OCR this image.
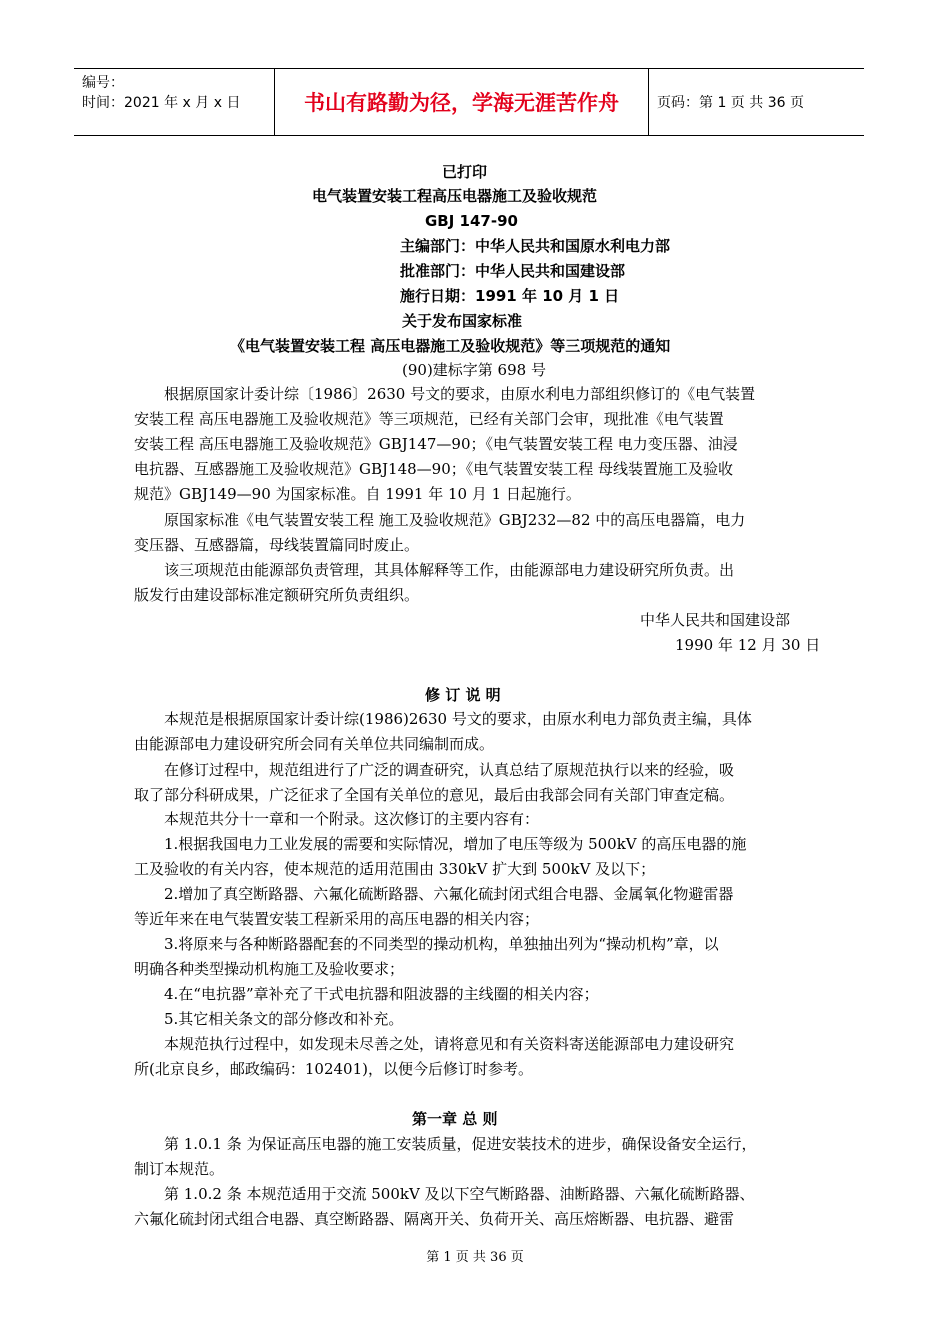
编号：
时间：2021 年 x 月 x 日	书山有路勤为径，学海无涯苦作舟	页码：第 1 页 共 36 页
已打印
电气装置安装工程高压电器施工及验收规范
GBJ 147-90
主编部门：中华人民共和国原水利电力部
批准部门：中华人民共和国建设部
施行日期：1991 年 10 月 1 日
关于发布国家标准
《电气装置安装工程 高压电器施工及验收规范》等三项规范的通知
(90)建标字第 698 号
根据原国家计委计综〔1986〕2630 号文的要求，由原水利电力部组织修订的《电气装置
安装工程 高压电器施工及验收规范》等三项规范，已经有关部门会审，现批准《电气装置
安装工程 高压电器施工及验收规范》GBJ147—90；《电气装置安装工程 电力变压器、油浸
电抗器、互感器施工及验收规范》GBJ148—90；《电气装置安装工程 母线装置施工及验收
规范》GBJ149—90 为国家标准。自 1991 年 10 月 1 日起施行。
原国家标准《电气装置安装工程 施工及验收规范》GBJ232—82 中的高压电器篇，电力
变压器、互感器篇，母线装置篇同时废止。
该三项规范由能源部负责管理，其具体解释等工作，由能源部电力建设研究所负责。出
版发行由建设部标准定额研究所负责组织。
中华人民共和国建设部
1990 年 12 月 30 日
修 订 说 明
本规范是根据原国家计委计综(1986)2630 号文的要求，由原水利电力部负责主编，具体
由能源部电力建设研究所会同有关单位共同编制而成。
在修订过程中，规范组进行了广泛的调查研究，认真总结了原规范执行以来的经验，吸
取了部分科研成果，广泛征求了全国有关单位的意见，最后由我部会同有关部门审查定稿。
本规范共分十一章和一个附录。这次修订的主要内容有：
1.根据我国电力工业发展的需要和实际情况，增加了电压等级为 500kV 的高压电器的施
工及验收的有关内容，使本规范的适用范围由 330kV 扩大到 500kV 及以下；
2.增加了真空断路器、六氟化硫断路器、六氟化硫封闭式组合电器、金属氧化物避雷器
等近年来在电气装置安装工程新采用的高压电器的相关内容；
3.将原来与各种断路器配套的不同类型的操动机构，单独抽出列为“操动机构”章，以
明确各种类型操动机构施工及验收要求；
4.在“电抗器”章补充了干式电抗器和阻波器的主线圈的相关内容；
5.其它相关条文的部分修改和补充。
本规范执行过程中，如发现未尽善之处，请将意见和有关资料寄送能源部电力建设研究
所(北京良乡，邮政编码：102401)，以便今后修订时参考。
第一章 总 则
第 1.0.1 条 为保证高压电器的施工安装质量，促进安装技术的进步，确保设备安全运行，
制订本规范。
第 1.0.2 条 本规范适用于交流 500kV 及以下空气断路器、油断路器、六氟化硫断路器、
六氟化硫封闭式组合电器、真空断路器、隔离开关、负荷开关、高压熔断器、电抗器、避雷
第 1 页 共 36 页
